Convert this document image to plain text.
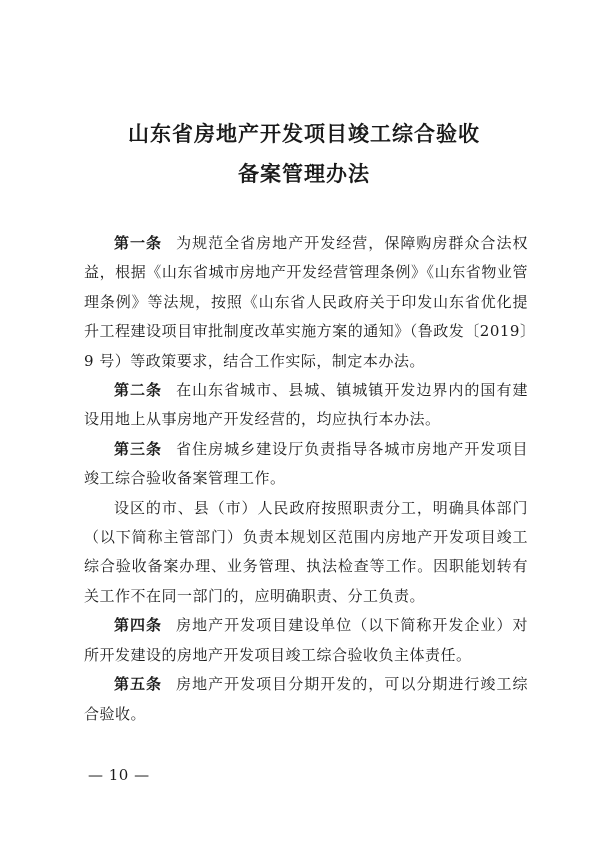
山东省房地产开发项目竣工综合验收
备案管理办法

第一条 为规范全省房地产开发经营，保障购房群众合法权益，根据《山东省城市房地产开发经营管理条例》《山东省物业管理条例》等法规，按照《山东省人民政府关于印发山东省优化提升工程建设项目审批制度改革实施方案的通知》（鲁政发〔2019〕9 号）等政策要求，结合工作实际，制定本办法。

第二条 在山东省城市、县城、镇城镇开发边界内的国有建设用地上从事房地产开发经营的，均应执行本办法。

第三条 省住房城乡建设厅负责指导各城市房地产开发项目竣工综合验收备案管理工作。

设区的市、县（市）人民政府按照职责分工，明确具体部门（以下简称主管部门）负责本规划区范围内房地产开发项目竣工综合验收备案办理、业务管理、执法检查等工作。因职能划转有关工作不在同一部门的，应明确职责、分工负责。

第四条 房地产开发项目建设单位（以下简称开发企业）对所开发建设的房地产开发项目竣工综合验收负主体责任。

第五条 房地产开发项目分期开发的，可以分期进行竣工综合验收。

— 10 —
